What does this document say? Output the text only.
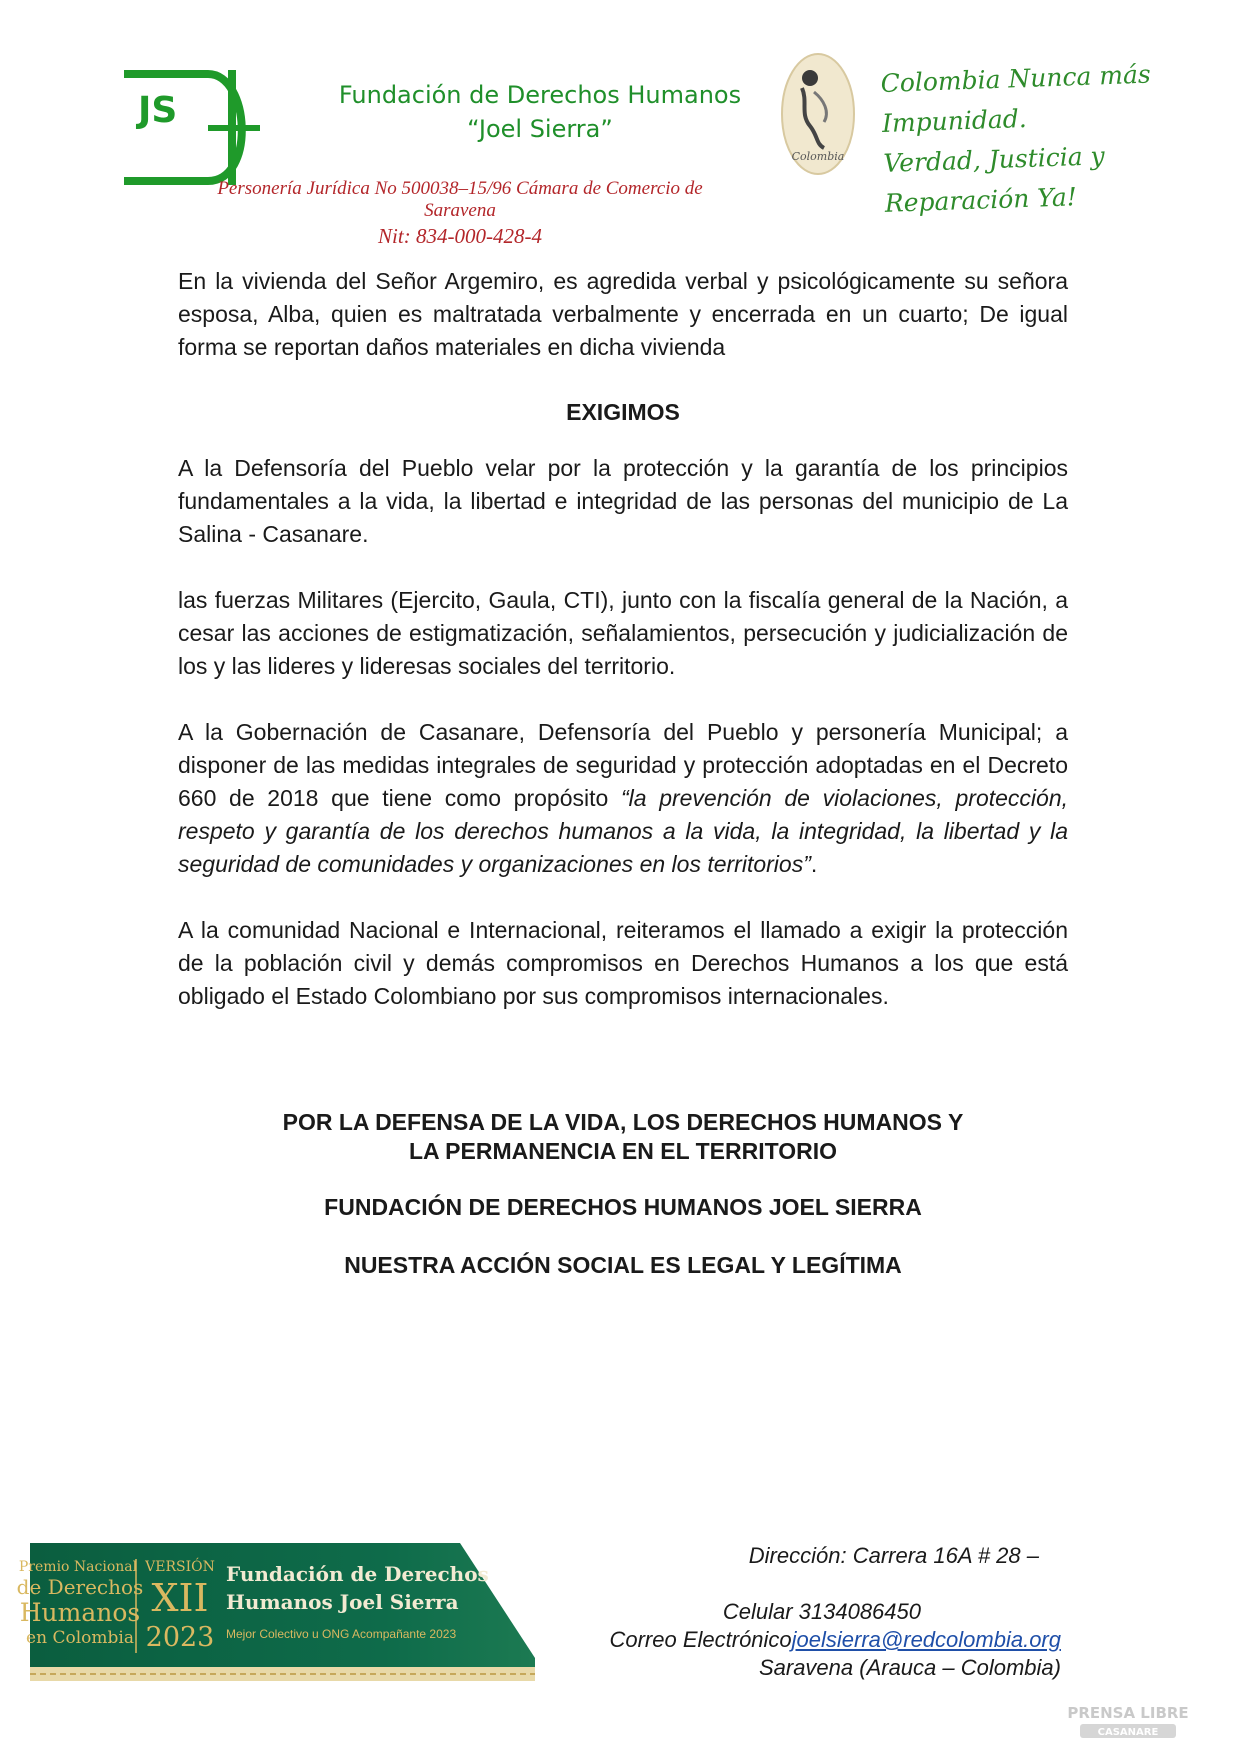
JS	Fundación de Derechos Humanos
“Joel Sierra”
Personería Jurídica No 500038–15/96 Cámara de Comercio de
Saravena
Nit: 834-000-428-4
Colombia
Colombia Nunca más Impunidad.
Verdad, Justicia y Reparación Ya!
En la vivienda del Señor Argemiro, es agredida verbal y psicológicamente su señora esposa, Alba, quien es maltratada verbalmente y encerrada en un cuarto; De igual forma se reportan daños materiales en dicha vivienda
EXIGIMOS
A la Defensoría del Pueblo velar por la protección y la garantía de los principios fundamentales a la vida, la libertad e integridad de las personas del municipio de La Salina - Casanare.
las fuerzas Militares (Ejercito, Gaula, CTI), junto con la fiscalía general de la Nación, a cesar las acciones de estigmatización, señalamientos, persecución y judicialización de los y las lideres y lideresas sociales del territorio.
A la Gobernación de Casanare, Defensoría del Pueblo y personería Municipal; a disponer de las medidas integrales de seguridad y protección adoptadas en el Decreto 660 de 2018 que tiene como propósito “la prevención de violaciones, protección, respeto y garantía de los derechos humanos a la vida, la integridad, la libertad y la seguridad de comunidades y organizaciones en los territorios”.
A la comunidad Nacional e Internacional, reiteramos el llamado a exigir la protección de la población civil y demás compromisos en Derechos Humanos a los que está obligado el Estado Colombiano por sus compromisos internacionales.
POR LA DEFENSA DE LA VIDA, LOS DERECHOS HUMANOS Y
LA PERMANENCIA EN EL TERRITORIO
FUNDACIÓN DE DERECHOS HUMANOS JOEL SIERRA
NUESTRA ACCIÓN SOCIAL ES LEGAL Y LEGÍTIMA
Premio Nacional
de Derechos
Humanos
en Colombia
VERSIÓN
XII
2023
Fundación de Derechos
Humanos Joel Sierra
Mejor Colectivo u ONG Acompañante 2023
Dirección: Carrera 16A # 28 –
Celular 3134086450
Correo Electrónicojoelsierra@redcolombia.org
Saravena (Arauca – Colombia)
PRENSA LIBRE
CASANARE
